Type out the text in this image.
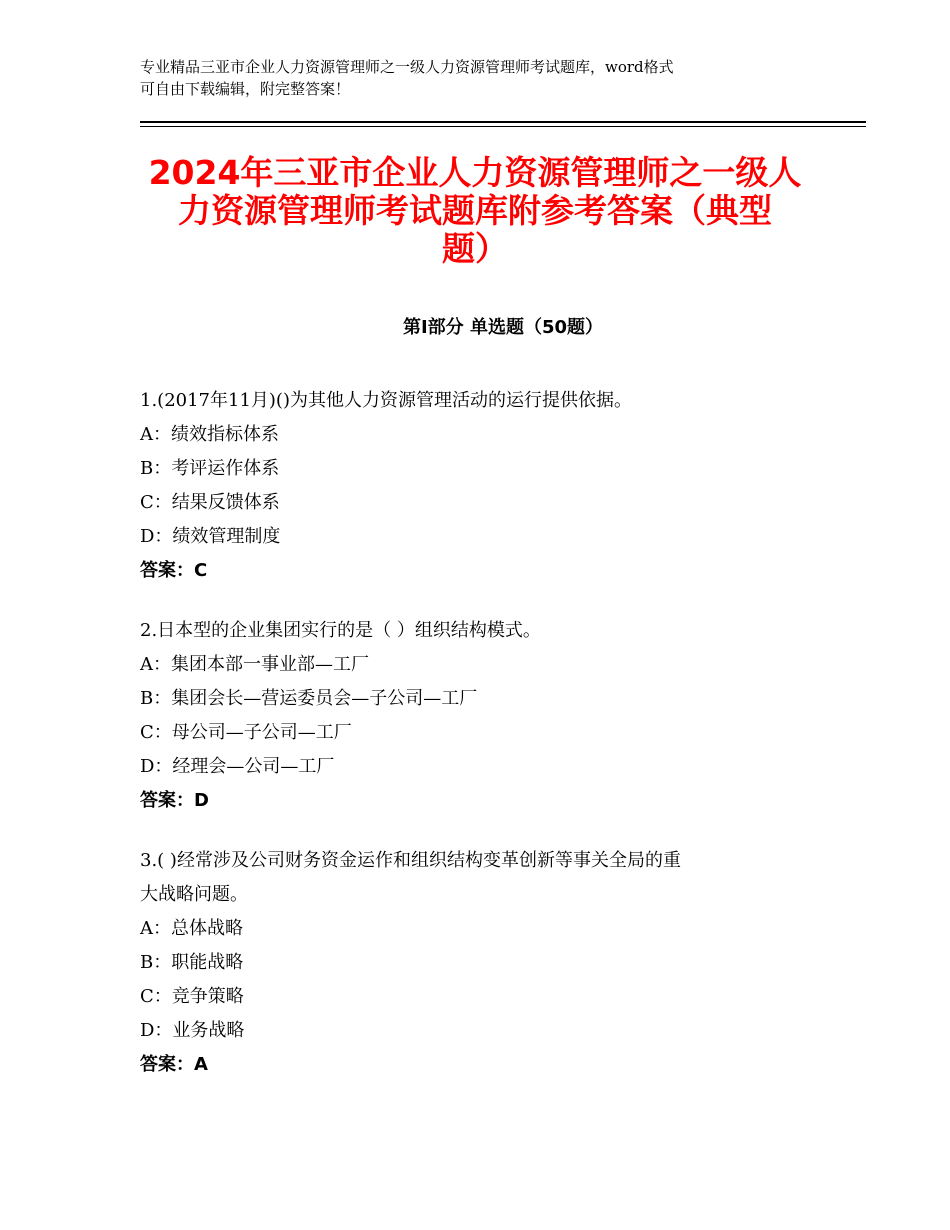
专业精品三亚市企业人力资源管理师之一级人力资源管理师考试题库，word格式
可自由下载编辑，附完整答案！
2024年三亚市企业人力资源管理师之一级人
力资源管理师考试题库附参考答案（典型
题）
第Ⅰ部分 单选题（50题）
1.(2017年11月)()为其他人力资源管理活动的运行提供依据。
A：绩效指标体系
B：考评运作体系
C：结果反馈体系
D：绩效管理制度
答案：C
2.日本型的企业集团实行的是（ ）组织结构模式。
A：集团本部一事业部—工厂
B：集团会长—营运委员会—子公司—工厂
C：母公司—子公司—工厂
D：经理会—公司—工厂
答案：D
3.( )经常涉及公司财务资金运作和组织结构变革创新等事关全局的重
大战略问题。
A：总体战略
B：职能战略
C：竞争策略
D：业务战略
答案：A
